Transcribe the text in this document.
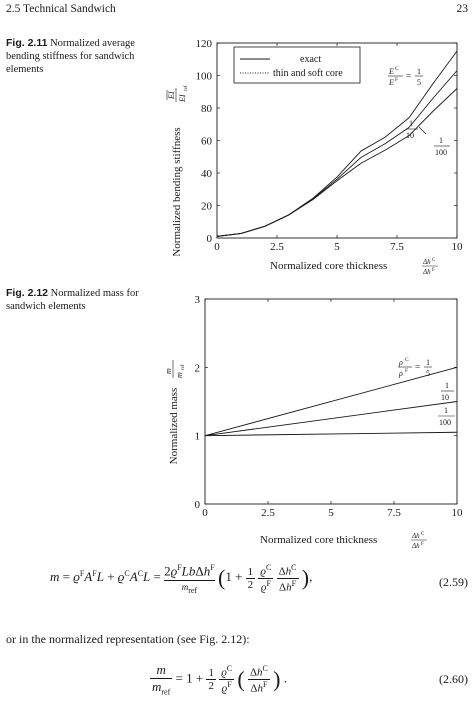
2.5 Technical Sandwich	23
Fig. 2.11 Normalized average bending stiffness for sandwich elements
0	2.5	5	7.5	10
0
20
40
60
80
100
120
exact
thin and soft core	E C
E F = 1
5
1
10
1
100
Normalized bending stiffness
EI EI
ref
Normalized core thickness	Δh C
Δh F
Fig. 2.12 Normalized mass for sandwich elements
0	2.5	5	7.5	10
0
1
2
3
ρ C
ρ F = 1
5
1
10
1
100
Normalized mass
m
m
ref
Normalized core thickness	Δh C
Δh F
$m = ϱ^FA^FL + ϱ^CA^CL = 2ϱ^FLb\Delta h^F$
$m_{ref}$
($1 + \frac{1}{2}$
$\frac{ϱ^C}{ϱ^F}$
$\frac{\Delta h^C}{\Delta h^F}$ ),	(2.59)
or in the normalized representation (see Fig. 2.12):
$\frac{m}{m_{ref}} = 1 + \frac{1}{2}$
$\frac{ϱ^C}{ϱ^F}$ ( $\frac{\Delta h^C}{\Delta h^F}$ ) .	(2.60)
